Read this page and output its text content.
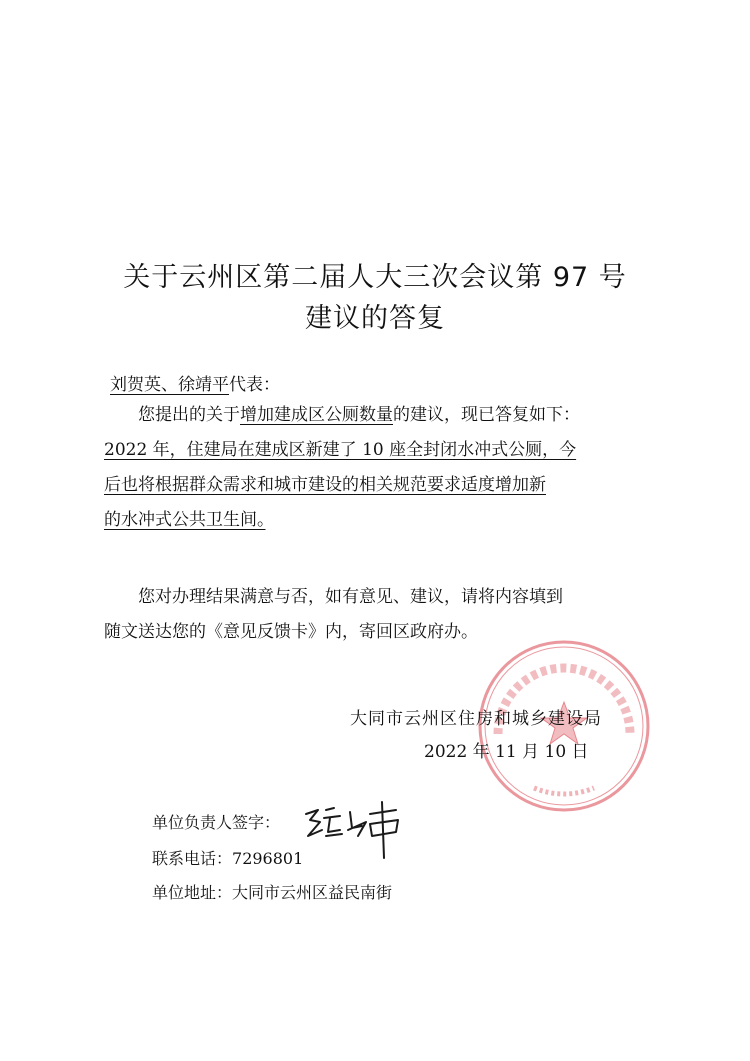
关于云州区第二届人大三次会议第 97 号
建议的答复
刘贺英、徐靖平代表：
　　您提出的关于增加建成区公厕数量的建议，现已答复如下：
2022 年，住建局在建成区新建了 10 座全封闭水冲式公厕，今
后也将根据群众需求和城市建设的相关规范要求适度增加新
的水冲式公共卫生间。　
　　您对办理结果满意与否，如有意见、建议，请将内容填到
随文送达您的《意见反馈卡》内，寄回区政府办。
大同市云州区住房和城乡建设局
2022 年 11 月 10 日
单位负责人签字：
联系电话：7296801
单位地址：大同市云州区益民南街
